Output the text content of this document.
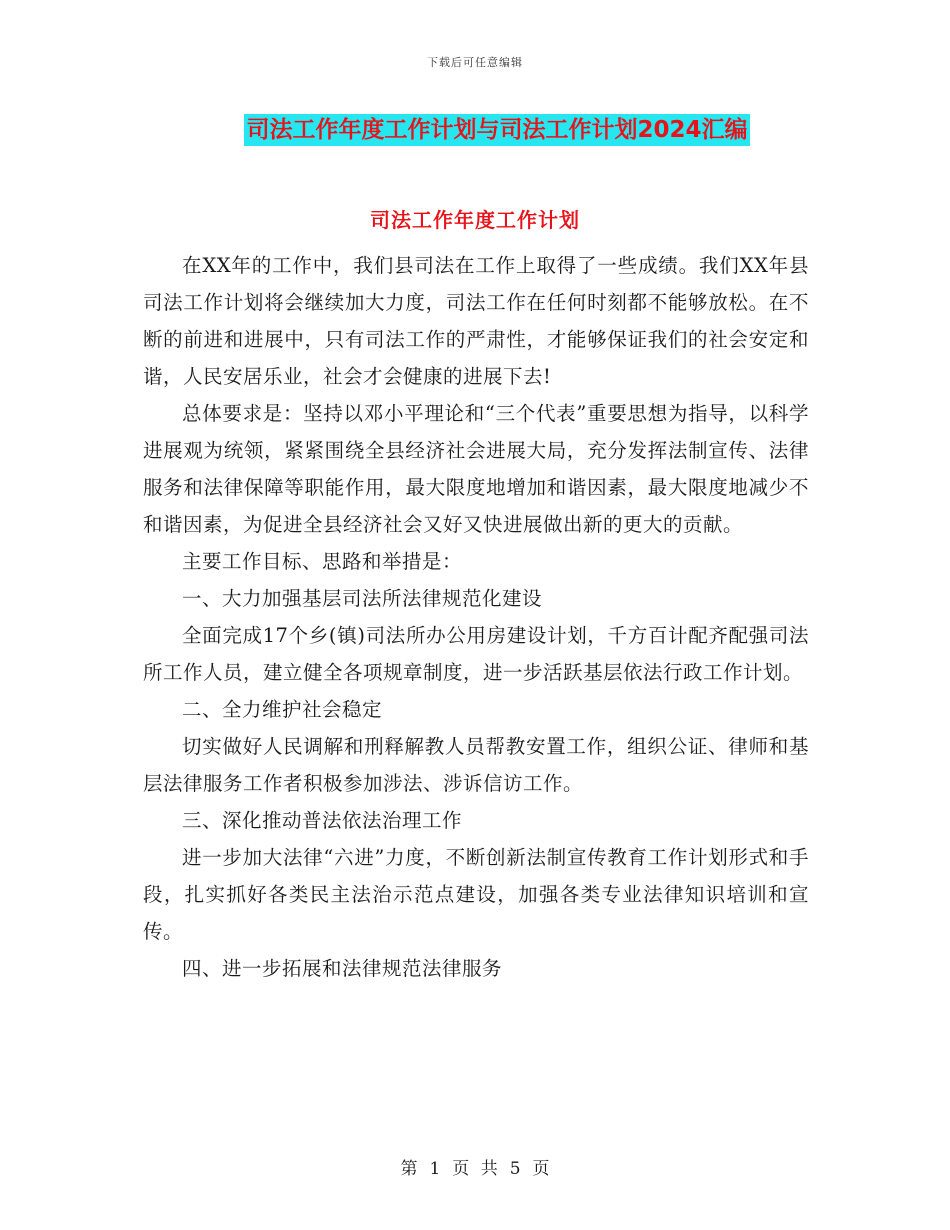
下载后可任意编辑
司法工作年度工作计划与司法工作计划2024汇编
司法工作年度工作计划

在XX年的工作中，我们县司法在工作上取得了一些成绩。我们XX年县司法工作计划将会继续加大力度，司法工作在任何时刻都不能够放松。在不断的前进和进展中，只有司法工作的严肃性，才能够保证我们的社会安定和谐，人民安居乐业，社会才会健康的进展下去!

总体要求是：坚持以邓小平理论和“三个代表”重要思想为指导，以科学进展观为统领，紧紧围绕全县经济社会进展大局，充分发挥法制宣传、法律服务和法律保障等职能作用，最大限度地增加和谐因素，最大限度地减少不和谐因素，为促进全县经济社会又好又快进展做出新的更大的贡献。

主要工作目标、思路和举措是：

一、大力加强基层司法所法律规范化建设

全面完成17个乡(镇)司法所办公用房建设计划，千方百计配齐配强司法所工作人员，建立健全各项规章制度，进一步活跃基层依法行政工作计划。

二、全力维护社会稳定

切实做好人民调解和刑释解教人员帮教安置工作，组织公证、律师和基层法律服务工作者积极参加涉法、涉诉信访工作。

三、深化推动普法依法治理工作

进一步加大法律“六进”力度，不断创新法制宣传教育工作计划形式和手段，扎实抓好各类民主法治示范点建设，加强各类专业法律知识培训和宣传。

四、进一步拓展和法律规范法律服务

第 1 页 共 5 页
